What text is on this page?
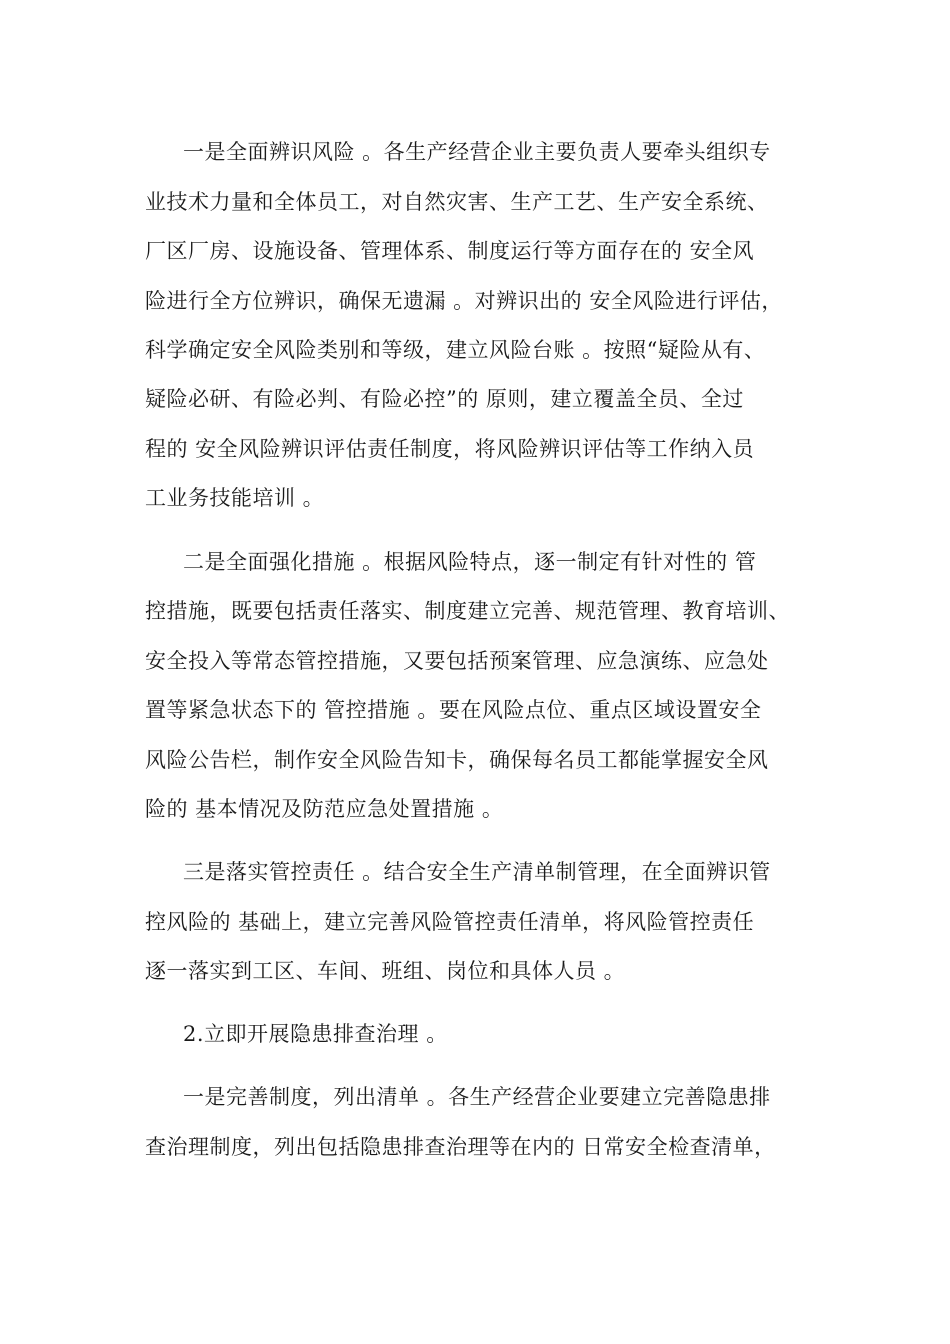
一是全面辨识风险 。各生产经营企业主要负责人要牵头组织专
业技术力量和全体员工，对自然灾害、生产工艺、生产安全系统、
厂区厂房、设施设备、管理体系、制度运行等方面存在的 安全风
险进行全方位辨识，确保无遗漏 。对辨识出的 安全风险进行评估，
科学确定安全风险类别和等级，建立风险台账 。按照“疑险从有、
疑险必研、有险必判、有险必控”的 原则，建立覆盖全员、全过
程的 安全风险辨识评估责任制度，将风险辨识评估等工作纳入员
工业务技能培训 。
二是全面强化措施 。根据风险特点，逐一制定有针对性的 管
控措施，既要包括责任落实、制度建立完善、规范管理、教育培训、
安全投入等常态管控措施，又要包括预案管理、应急演练、应急处
置等紧急状态下的 管控措施 。要在风险点位、重点区域设置安全
风险公告栏，制作安全风险告知卡，确保每名员工都能掌握安全风
险的 基本情况及防范应急处置措施 。
三是落实管控责任 。结合安全生产清单制管理，在全面辨识管
控风险的 基础上，建立完善风险管控责任清单，将风险管控责任
逐一落实到工区、车间、班组、岗位和具体人员 。
2.立即开展隐患排查治理 。
一是完善制度，列出清单 。各生产经营企业要建立完善隐患排
查治理制度，列出包括隐患排查治理等在内的 日常安全检查清单，
